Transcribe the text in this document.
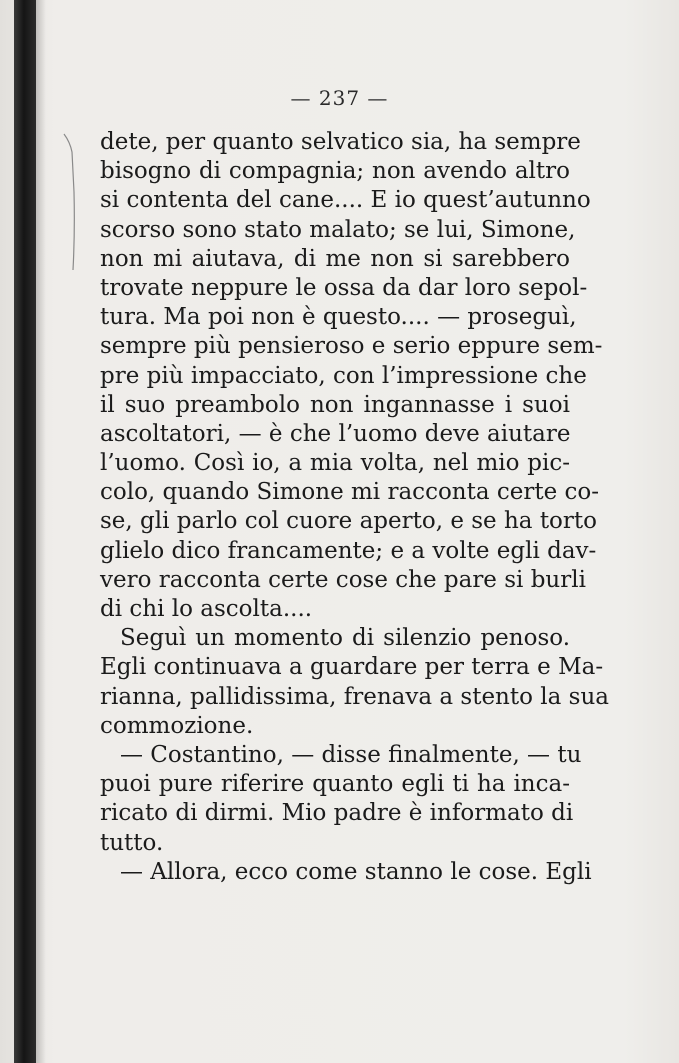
— 237 —
dete, per quanto selvatico sia, ha sempre
bisogno di compagnia; non avendo altro
si contenta del cane.... E io quest’autunno
scorso sono stato malato; se lui, Simone,
non mi aiutava, di me non si sarebbero
trovate neppure le ossa da dar loro sepol-
tura. Ma poi non è questo.... — proseguì,
sempre più pensieroso e serio eppure sem-
pre più impacciato, con l’impressione che
il suo preambolo non ingannasse i suoi
ascoltatori, — è che l’uomo deve aiutare
l’uomo. Così io, a mia volta, nel mio pic-
colo, quando Simone mi racconta certe co-
se, gli parlo col cuore aperto, e se ha torto
glielo dico francamente; e a volte egli dav-
vero racconta certe cose che pare si burli
di chi lo ascolta....
Seguì un momento di silenzio penoso.
Egli continuava a guardare per terra e Ma-
rianna, pallidissima, frenava a stento la sua
commozione.
— Costantino, — disse finalmente, — tu
puoi pure riferire quanto egli ti ha inca-
ricato di dirmi. Mio padre è informato di
tutto.
— Allora, ecco come stanno le cose. Egli
